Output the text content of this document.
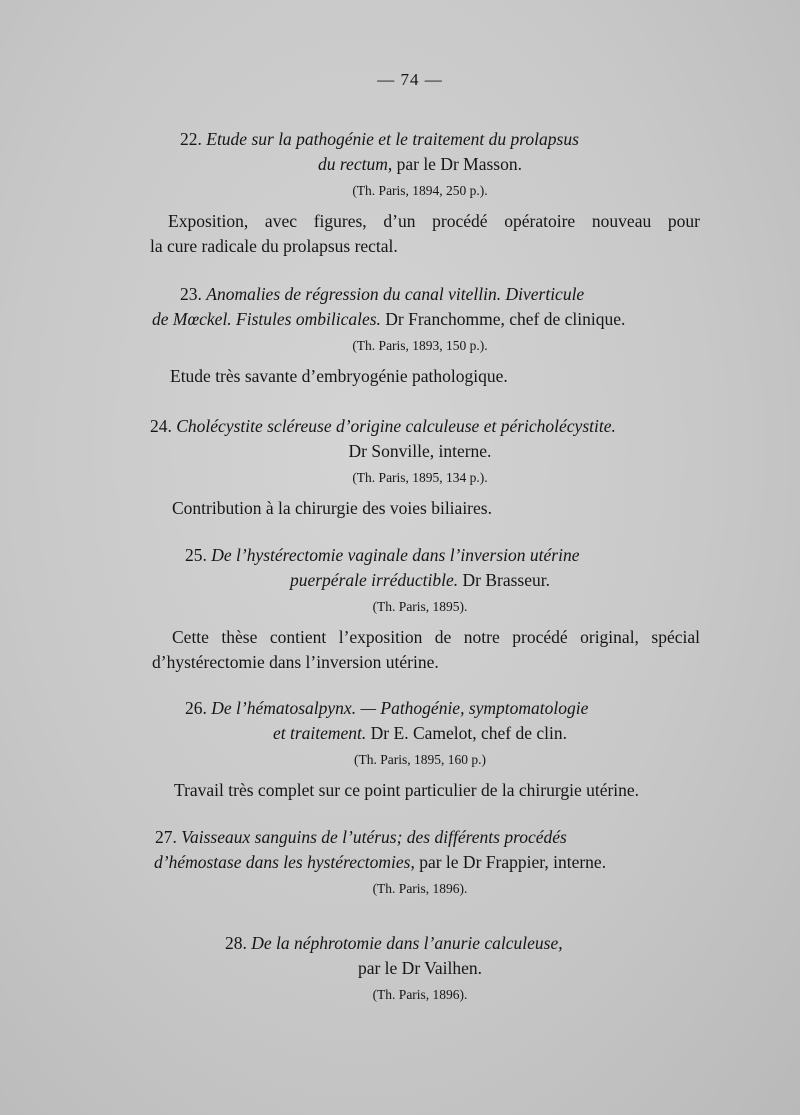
— 74 —
22. Etude sur la pathogénie et le traitement du prolapsus
du rectum, par le Dr Masson.
(Th. Paris, 1894, 250 p.).
Exposition, avec figures, d’un procédé opératoire nouveau pour
la cure radicale du prolapsus rectal.
23. Anomalies de régression du canal vitellin. Diverticule
de Mœckel. Fistules ombilicales. Dr Franchomme, chef de clinique.
(Th. Paris, 1893, 150 p.).
Etude très savante d’embryogénie pathologique.
24. Cholécystite scléreuse d’origine calculeuse et péricholécystite.
Dr Sonville, interne.
(Th. Paris, 1895, 134 p.).
Contribution à la chirurgie des voies biliaires.
25. De l’hystérectomie vaginale dans l’inversion utérine
puerpérale irréductible. Dr Brasseur.
(Th. Paris, 1895).
Cette thèse contient l’exposition de notre procédé original, spécial
d’hystérectomie dans l’inversion utérine.
26. De l’hématosalpynx. — Pathogénie, symptomatologie
et traitement. Dr E. Camelot, chef de clin.
(Th. Paris, 1895, 160 p.)
Travail très complet sur ce point particulier de la chirurgie utérine.
27. Vaisseaux sanguins de l’utérus; des différents procédés
d’hémostase dans les hystérectomies, par le Dr Frappier, interne.
(Th. Paris, 1896).
28. De la néphrotomie dans l’anurie calculeuse,
par le Dr Vailhen.
(Th. Paris, 1896).
